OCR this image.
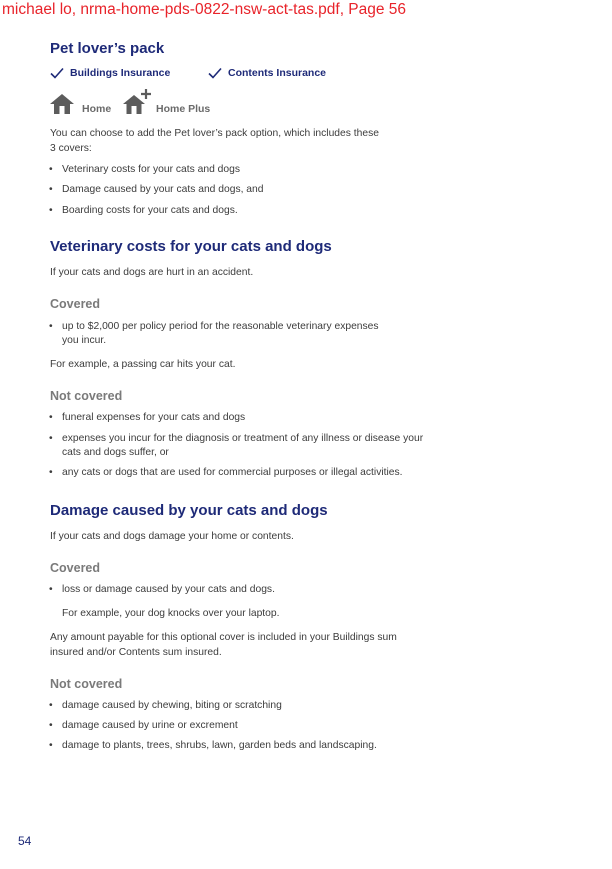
michael lo, nrma-home-pds-0822-nsw-act-tas.pdf, Page 56
Pet lover’s pack
Buildings Insurance	Contents Insurance
Home	Home Plus
You can choose to add the Pet lover’s pack option, which includes these
3 covers:
• Veterinary costs for your cats and dogs
• Damage caused by your cats and dogs, and
• Boarding costs for your cats and dogs.
Veterinary costs for your cats and dogs
If your cats and dogs are hurt in an accident.
Covered
• up to $2,000 per policy period for the reasonable veterinary expenses
you incur.
For example, a passing car hits your cat.
Not covered
• funeral expenses for your cats and dogs
• expenses you incur for the diagnosis or treatment of any illness or disease your
cats and dogs suffer, or
• any cats or dogs that are used for commercial purposes or illegal activities.
Damage caused by your cats and dogs
If your cats and dogs damage your home or contents.
Covered
• loss or damage caused by your cats and dogs.
For example, your dog knocks over your laptop.
Any amount payable for this optional cover is included in your Buildings sum
insured and/or Contents sum insured.
Not covered
• damage caused by chewing, biting or scratching
• damage caused by urine or excrement
• damage to plants, trees, shrubs, lawn, garden beds and landscaping.
54
